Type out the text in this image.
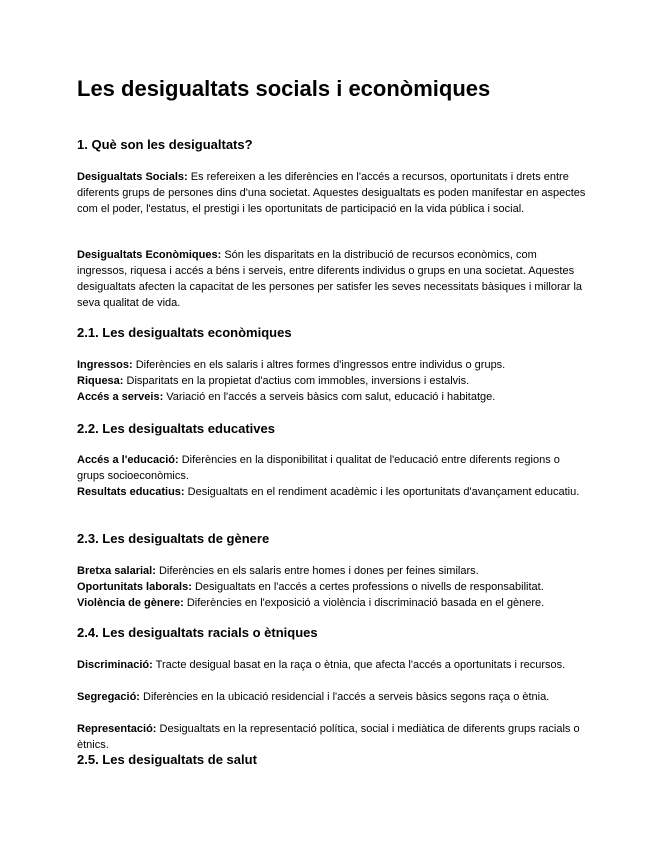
Les desigualtats socials i econòmiques
1. Què son les desigualtats?

Desigualtats Socials: Es refereixen a les diferències en l'accés a recursos, oportunitats i drets entre diferents grups de persones dins d'una societat. Aquestes desigualtats es poden manifestar en aspectes com el poder, l'estatus, el prestigi i les oportunitats de participació en la vida pública i social.

Desigualtats Econòmiques: Són les disparitats en la distribució de recursos econòmics, com ingressos, riquesa i accés a béns i serveis, entre diferents individus o grups en una societat. Aquestes desigualtats afecten la capacitat de les persones per satisfer les seves necessitats bàsiques i millorar la seva qualitat de vida.

2.1. Les desigualtats econòmiques

Ingressos: Diferències en els salaris i altres formes d'ingressos entre individus o grups.

Riquesa: Disparitats en la propietat d'actius com immobles, inversions i estalvis.

Accés a serveis: Variació en l'accés a serveis bàsics com salut, educació i habitatge.

2.2. Les desigualtats educatives

Accés a l'educació: Diferències en la disponibilitat i qualitat de l'educació entre diferents regions o grups socioeconòmics.

Resultats educatius: Desigualtats en el rendiment acadèmic i les oportunitats d'avançament educatiu.

2.3. Les desigualtats de gènere

Bretxa salarial: Diferències en els salaris entre homes i dones per feines similars.

Oportunitats laborals: Desigualtats en l'accés a certes professions o nivells de responsabilitat.

Violència de gènere: Diferències en l'exposició a violència i discriminació basada en el gènere.

2.4. Les desigualtats racials o ètniques

Discriminació: Tracte desigual basat en la raça o ètnia, que afecta l'accés a oportunitats i recursos.

Segregació: Diferències en la ubicació residencial i l'accés a serveis bàsics segons raça o ètnia.

Representació: Desigualtats en la representació política, social i mediàtica de diferents grups racials o ètnics.

2.5. Les desigualtats de salut
